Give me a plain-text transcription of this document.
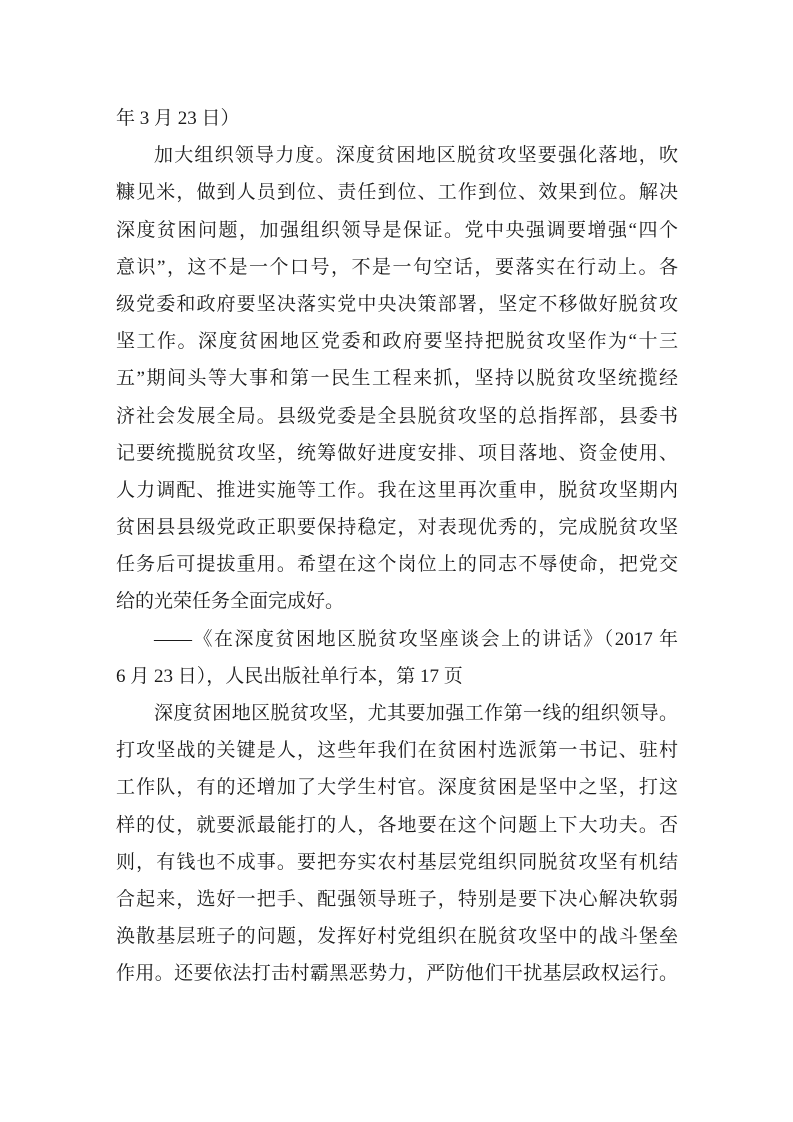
年 3 月 23 日）
加大组织领导力度。深度贫困地区脱贫攻坚要强化落地，吹
糠见米，做到人员到位、责任到位、工作到位、效果到位。解决
深度贫困问题，加强组织领导是保证。党中央强调要增强“四个
意识”，这不是一个口号，不是一句空话，要落实在行动上。各
级党委和政府要坚决落实党中央决策部署，坚定不移做好脱贫攻
坚工作。深度贫困地区党委和政府要坚持把脱贫攻坚作为“十三
五”期间头等大事和第一民生工程来抓，坚持以脱贫攻坚统揽经
济社会发展全局。县级党委是全县脱贫攻坚的总指挥部，县委书
记要统揽脱贫攻坚，统筹做好进度安排、项目落地、资金使用、
人力调配、推进实施等工作。我在这里再次重申，脱贫攻坚期内
贫困县县级党政正职要保持稳定，对表现优秀的，完成脱贫攻坚
任务后可提拔重用。希望在这个岗位上的同志不辱使命，把党交
给的光荣任务全面完成好。
——《在深度贫困地区脱贫攻坚座谈会上的讲话》（2017 年
6 月 23 日），人民出版社单行本，第 17 页
深度贫困地区脱贫攻坚，尤其要加强工作第一线的组织领导。
打攻坚战的关键是人，这些年我们在贫困村选派第一书记、驻村
工作队，有的还增加了大学生村官。深度贫困是坚中之坚，打这
样的仗，就要派最能打的人，各地要在这个问题上下大功夫。否
则，有钱也不成事。要把夯实农村基层党组织同脱贫攻坚有机结
合起来，选好一把手、配强领导班子，特别是要下决心解决软弱
涣散基层班子的问题，发挥好村党组织在脱贫攻坚中的战斗堡垒
作用。还要依法打击村霸黑恶势力，严防他们干扰基层政权运行。
